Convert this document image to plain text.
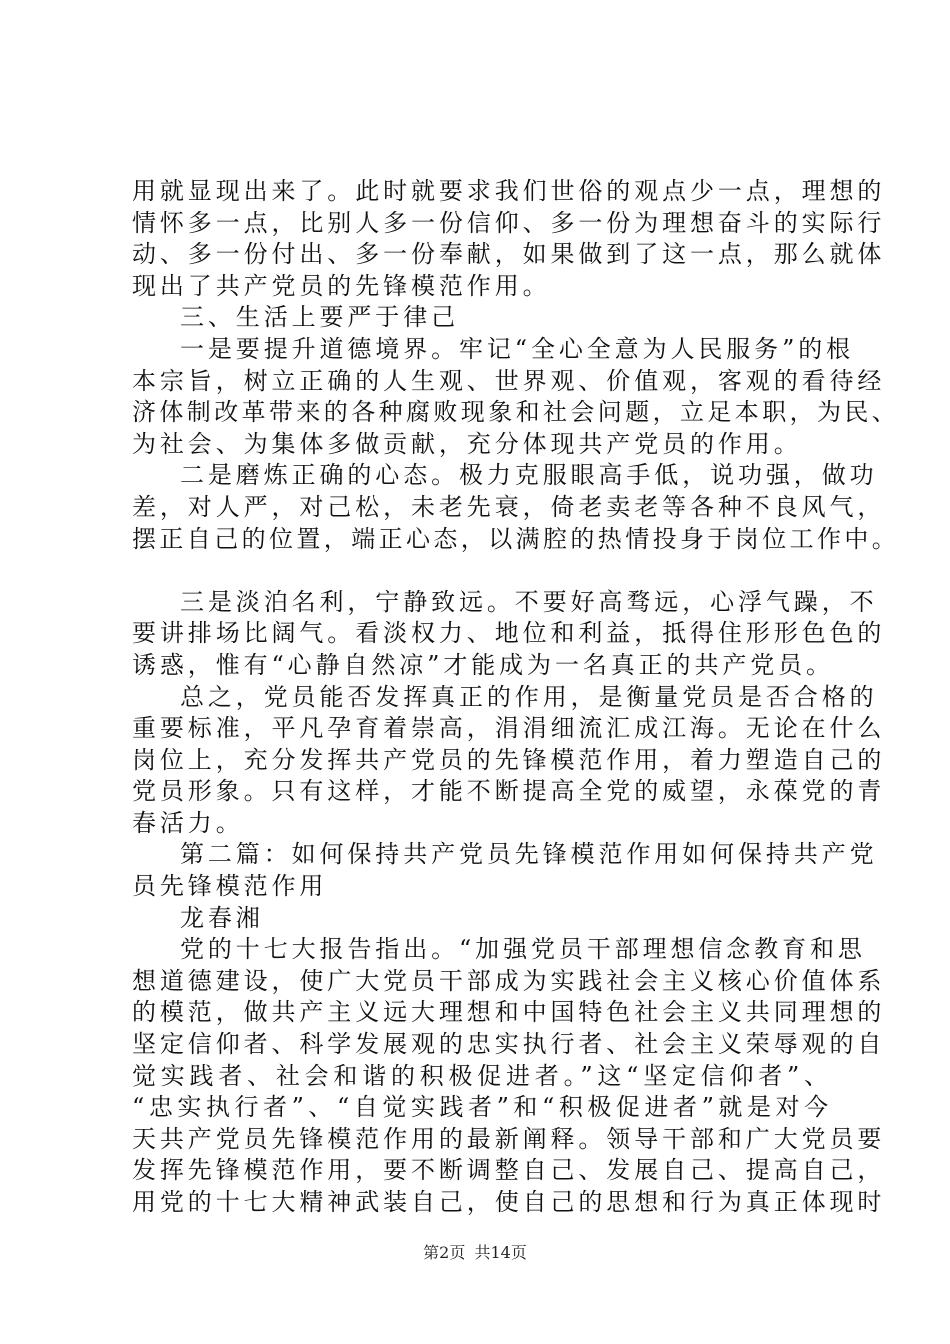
用就显现出来了。此时就要求我们世俗的观点少一点，理想的
情怀多一点，比别人多一份信仰、多一份为理想奋斗的实际行
动、多一份付出、多一份奉献，如果做到了这一点，那么就体
现出了共产党员的先锋模范作用。
三、生活上要严于律己
一是要提升道德境界。牢记“全心全意为人民服务”的根
本宗旨，树立正确的人生观、世界观、价值观，客观的看待经
济体制改革带来的各种腐败现象和社会问题，立足本职，为民、
为社会、为集体多做贡献，充分体现共产党员的作用。
二是磨炼正确的心态。极力克服眼高手低，说功强，做功
差，对人严，对己松，未老先衰，倚老卖老等各种不良风气，
摆正自己的位置，端正心态，以满腔的热情投身于岗位工作中。
三是淡泊名利，宁静致远。不要好高骛远，心浮气躁，不
要讲排场比阔气。看淡权力、地位和利益，抵得住形形色色的
诱惑，惟有“心静自然凉”才能成为一名真正的共产党员。
总之，党员能否发挥真正的作用，是衡量党员是否合格的
重要标准，平凡孕育着崇高，涓涓细流汇成江海。无论在什么
岗位上，充分发挥共产党员的先锋模范作用，着力塑造自己的
党员形象。只有这样，才能不断提高全党的威望，永葆党的青
春活力。
第二篇：如何保持共产党员先锋模范作用如何保持共产党
员先锋模范作用
龙春湘
党的十七大报告指出。“加强党员干部理想信念教育和思
想道德建设，使广大党员干部成为实践社会主义核心价值体系
的模范，做共产主义远大理想和中国特色社会主义共同理想的
坚定信仰者、科学发展观的忠实执行者、社会主义荣辱观的自
觉实践者、社会和谐的积极促进者。”这“坚定信仰者”、
“忠实执行者”、“自觉实践者”和“积极促进者”就是对今
天共产党员先锋模范作用的最新阐释。领导干部和广大党员要
发挥先锋模范作用，要不断调整自己、发展自己、提高自己，
用党的十七大精神武装自己，使自己的思想和行为真正体现时
第2页 共14页
